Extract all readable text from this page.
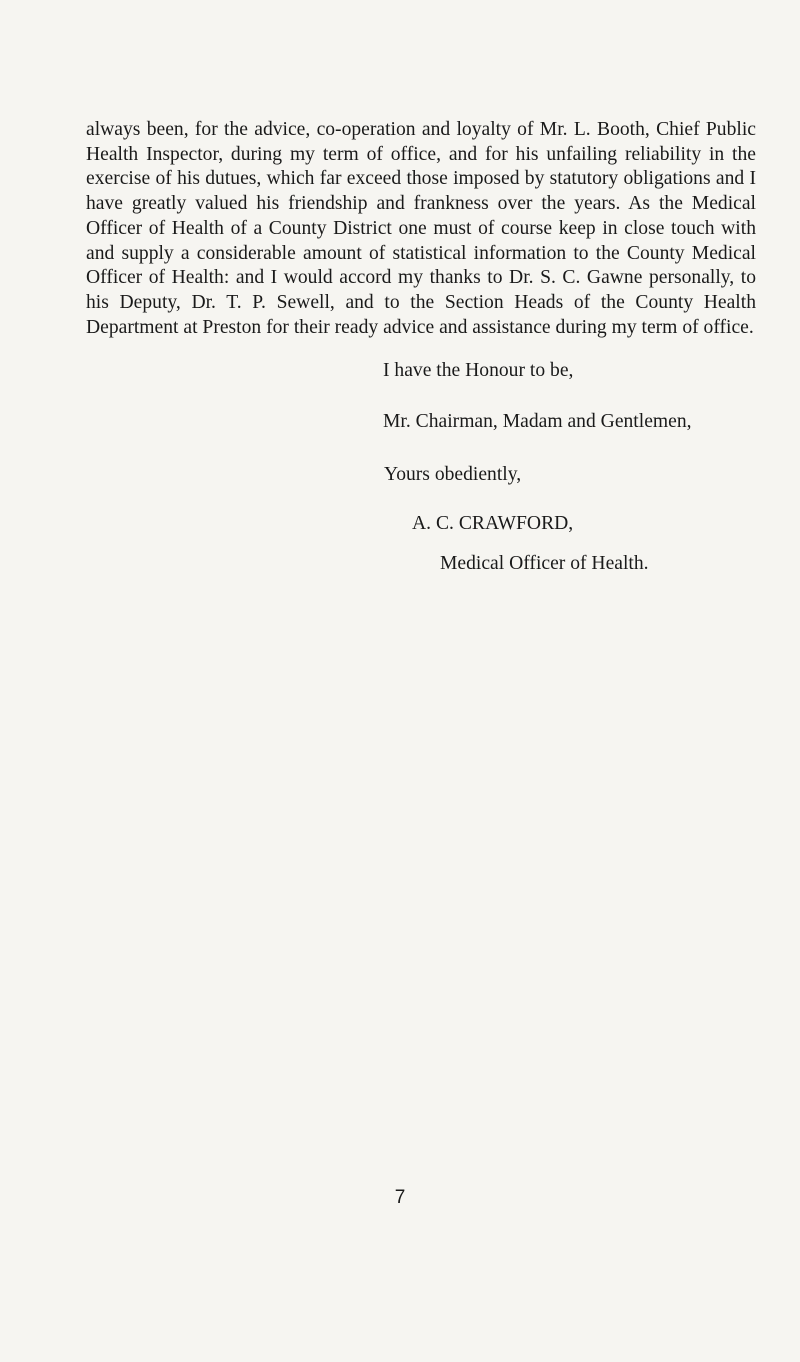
always been, for the advice, co-operation and loyalty of Mr. L. Booth, Chief Public Health Inspector, during my term of office, and for his unfailing reliability in the exercise of his dutues, which far exceed those imposed by statutory obligations and I have greatly valued his friendship and frankness over the years. As the Medical Officer of Health of a County District one must of course keep in close touch with and supply a considerable amount of statistical information to the County Medical Officer of Health: and I would accord my thanks to Dr. S. C. Gawne personally, to his Deputy, Dr. T. P. Sewell, and to the Section Heads of the County Health Department at Preston for their ready advice and assistance during my term of office.

I have the Honour to be,

Mr. Chairman, Madam and Gentlemen,

Yours obediently,

A. C. CRAWFORD,

Medical Officer of Health.

7
